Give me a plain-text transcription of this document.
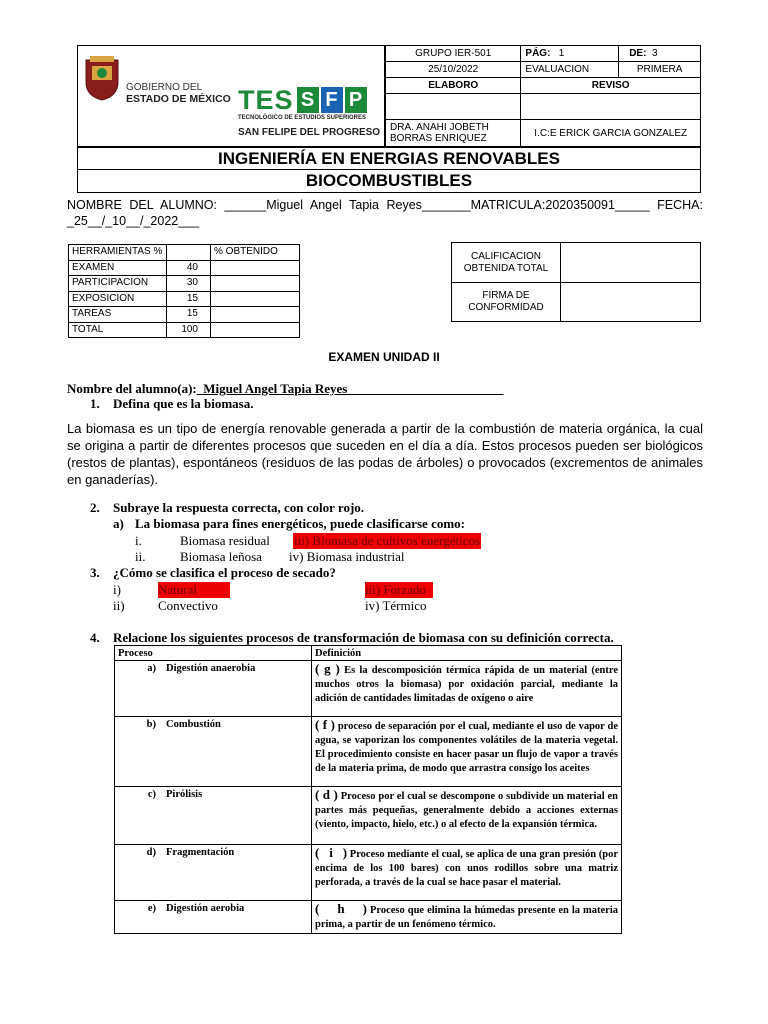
GOBIERNO DEL
ESTADO DE MÉXICO T E S S F P
TECNOLÓGICO DE ESTUDIOS SUPERIORES
SAN FELIPE DEL PROGRESO
GRUPO IER-501	PÁG: 1	DE: 3
25/10/2022	EVALUACION	PRIMERA
ELABORO	REVISO	

DRA. ANAHI JOBETH BORRAS ENRIQUEZ	I.C:E ERICK GARCIA GONZALEZ	
INGENIERÍA EN ENERGIAS RENOVABLES
BIOCOMBUSTIBLES
NOMBRE DEL ALUMNO: ______Miguel Angel Tapia Reyes_______MATRICULA:2020350091_____ FECHA:
_25__/_10__/_2022___
HERRAMIENTAS %		% OBTENIDO
EXAMEN	40	
PARTICIPACION	30	
EXPOSICION	15	
TAREAS	15	
TOTAL	100	
CALIFICACION OBTENIDA TOTAL	
FIRMA DE CONFORMIDAD	
EXAMEN UNIDAD II
Nombre del alumno(a):_Miguel Angel Tapia Reyes________________________
1. Defina que es la biomasa.
La biomasa es un tipo de energía renovable generada a partir de la combustión de materia orgánica, la cual se origina a partir de diferentes procesos que suceden en el día a día. Estos procesos pueden ser biológicos (restos de plantas), espontáneos (residuos de las podas de árboles) o provocados (excrementos de animales en ganaderías).
2. Subraye la respuesta correcta, con color rojo.
a) La biomasa para fines energéticos, puede clasificarse como:
i.	Biomasa residual iii) Biomasa de cultivos energéticos
ii.	Biomasa leñosa iv) Biomasa industrial
3. ¿Cómo se clasifica el proceso de secado?
i)	Natural	iii) Forzado
ii)	Convectivo	iv) Térmico
4. Relacione los siguientes procesos de transformación de biomasa con su definición correcta.
Proceso	Definición
a) Digestión anaerobia	( g ) Es la descomposición térmica rápida de un material (entre muchos otros la biomasa) por oxidación parcial, mediante la adición de cantidades limitadas de oxígeno o aire
b) Combustión	( f ) proceso de separación por el cual, mediante el uso de vapor de agua, se vaporizan los componentes volátiles de la materia vegetal. El procedimiento consiste en hacer pasar un flujo de vapor a través de la materia prima, de modo que arrastra consigo los aceites
c) Pirólisis	( d ) Proceso por el cual se descompone o subdivide un material en partes más pequeñas, generalmente debido a acciones externas (viento, impacto, hielo, etc.) o al efecto de la expansión térmica.
d) Fragmentación	(   i   ) Proceso mediante el cual, se aplica de una gran presión (por encima de los 100 bares) con unos rodillos sobre una matriz perforada, a través de la cual se hace pasar el material.
e) Digestión aerobia	(     h     ) Proceso que elimina la húmedas presente en la materia prima, a partir de un fenómeno térmico.
